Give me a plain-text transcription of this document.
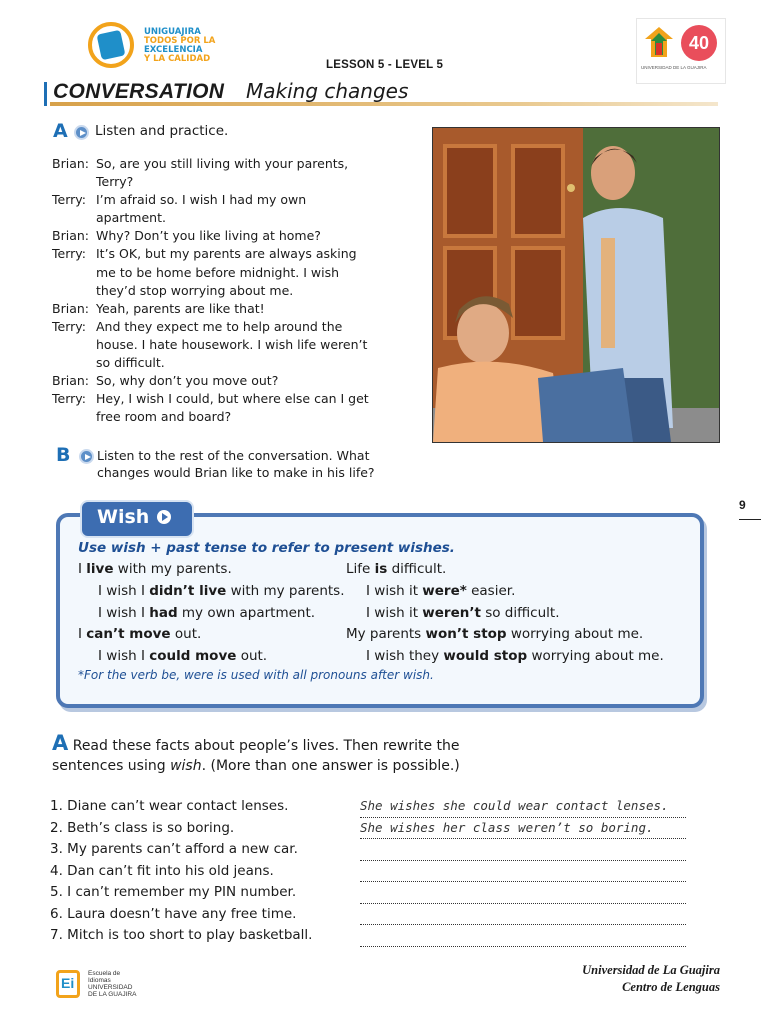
UNIGUAJIRA
TODOS POR LA
EXCELENCIA
Y LA CALIDAD	LESSON 5 - LEVEL 5
40
UNIVERSIDAD DE LA GUAJIRA
CONVERSATION Making changes
A Listen and practice.
Brian: So, are you still living with your parents, Terry?
Terry: I’m afraid so. I wish I had my own apartment.
Brian: Why? Don’t you like living at home?
Terry: It’s OK, but my parents are always asking me to be home before midnight. I wish they’d stop worrying about me.
Brian: Yeah, parents are like that!
Terry: And they expect me to help around the house. I hate housework. I wish life weren’t so difficult.
Brian: So, why don’t you move out?
Terry: Hey, I wish I could, but where else can I get free room and board?
B Listen to the rest of the conversation. What changes would Brian like to make in his life?
9
Wish
Use wish + past tense to refer to present wishes.
I live with my parents.
I wish I didn’t live with my parents.
I wish I had my own apartment.
I can’t move out.
I wish I could move out.
Life is difficult.
I wish it were* easier.
I wish it weren’t so difficult.
My parents won’t stop worrying about me.
I wish they would stop worrying about me.
*For the verb be, were is used with all pronouns after wish.
A Read these facts about people’s lives. Then rewrite the sentences using wish. (More than one answer is possible.)
1. Diane can’t wear contact lenses.
2. Beth’s class is so boring.
3. My parents can’t afford a new car.
4. Dan can’t fit into his old jeans.
5. I can’t remember my PIN number.
6. Laura doesn’t have any free time.
7. Mitch is too short to play basketball.
She wishes she could wear contact lenses.
She wishes her class weren’t so boring.
Ei
Escuela de Idiomas UNIVERSIDAD DE LA GUAJIRA
Universidad de La Guajira
Centro de Lenguas
